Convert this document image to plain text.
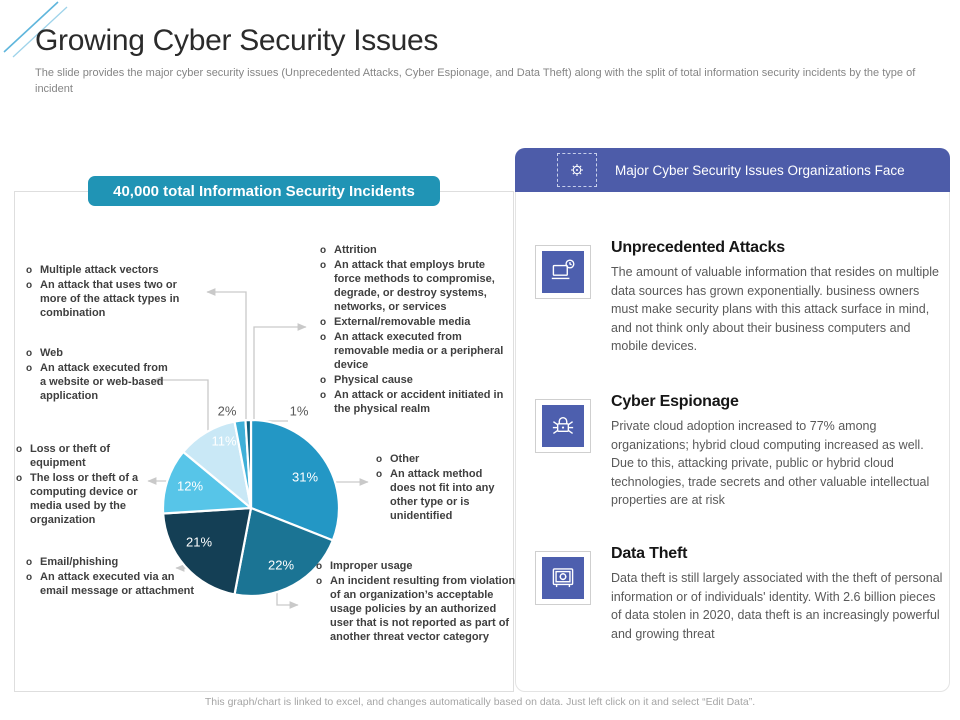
Growing Cyber Security Issues
The slide provides the major cyber security issues (Unprecedented Attacks, Cyber Espionage, and Data Theft) along with the split of total information security incidents by the type of incident
40,000 total Information Security Incidents
31%
22%
21%
12%
11%
2%	1%
o Multiple attack vectors
o An attack that uses two or more of the attack types in combination
o Attrition
o An attack that employs brute force methods to compromise, degrade, or destroy systems, networks, or services
o External/removable media
o An attack executed from removable media or a peripheral device
o Physical cause
o An attack or accident initiated in the physical realm
o Web
o An attack executed from a website or web-based application
o Loss or theft of equipment
o The loss or theft of a computing device or media used by the organization
o Email/phishing
o An attack executed via an email message or attachment
o Other
o An attack method does not fit into any other type or is unidentified
o Improper usage
o An incident resulting from violation of an organization’s acceptable usage policies by an authorized user that is not reported as part of another threat vector category
Major Cyber Security Issues Organizations Face

Unprecedented Attacks

The amount of valuable information that resides on multiple data sources has grown exponentially. business owners must make security plans with this attack surface in mind, and not think only about their business computers and mobile devices.

Cyber Espionage

Private cloud adoption increased to 77% among organizations; hybrid cloud computing increased as well. Due to this, attacking private, public or hybrid cloud technologies, trade secrets and other valuable intellectual properties are at risk

Data Theft

Data theft is still largely associated with the theft of personal information or of individuals' identity. With 2.6 billion pieces of data stolen in 2020, data theft is an increasingly powerful and growing threat

This graph/chart is linked to excel, and changes automatically based on data. Just left click on it and select “Edit Data”.
